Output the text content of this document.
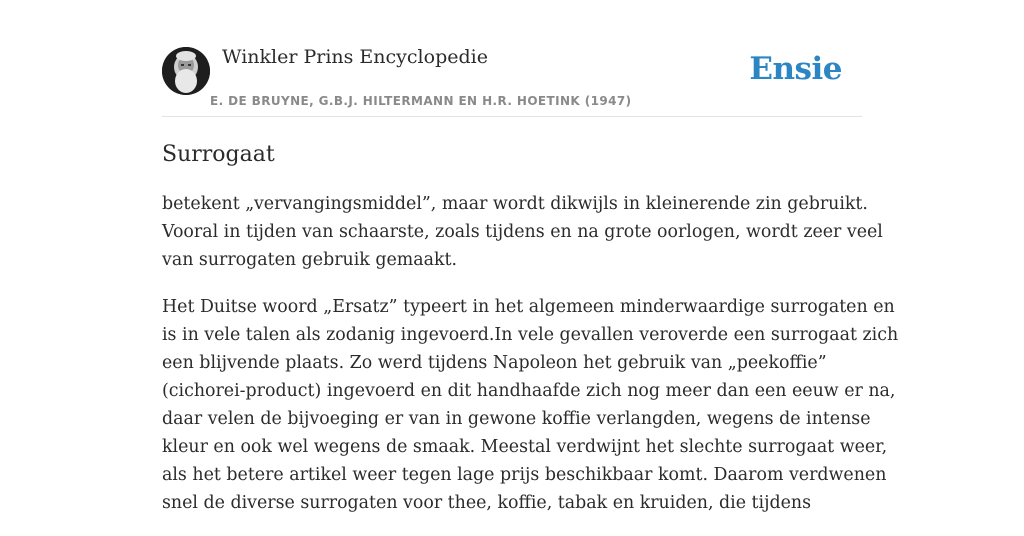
Winkler Prins Encyclopedie
E. DE BRUYNE, G.B.J. HILTERMANN EN H.R. HOETINK (1947)
Ensie
Surrogaat

betekent „vervangingsmiddel”, maar wordt dikwijls in kleinerende zin gebruikt.
Vooral in tijden van schaarste, zoals tijdens en na grote oorlogen, wordt zeer veel
van surrogaten gebruik gemaakt.

Het Duitse woord „Ersatz” typeert in het algemeen minderwaardige surrogaten en
is in vele talen als zodanig ingevoerd.In vele gevallen veroverde een surrogaat zich
een blijvende plaats. Zo werd tijdens Napoleon het gebruik van „peekoffie”
(cichorei-product) ingevoerd en dit handhaafde zich nog meer dan een eeuw er na,
daar velen de bijvoeging er van in gewone koffie verlangden, wegens de intense
kleur en ook wel wegens de smaak. Meestal verdwijnt het slechte surrogaat weer,
als het betere artikel weer tegen lage prijs beschikbaar komt. Daarom verdwenen
snel de diverse surrogaten voor thee, koffie, tabak en kruiden, die tijdens
